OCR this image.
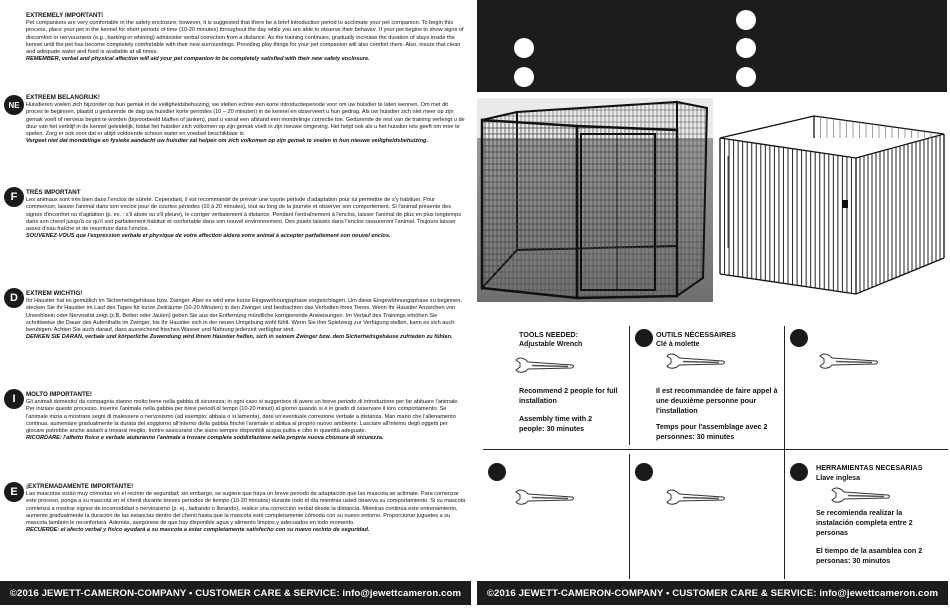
EXTREMELY IMPORTANT!

Pet companions are very comfortable in the safety enclosure; however, it is suggested that there be a brief introduction period to acclimate your pet companion. To begin this process, place your pet in the kennel for short periods of time (10-20 minutes) throughout the day while you are able to observe their behavior. If your pet begins to show signs of discomfort or nervousness (e.g., barking or whining) administer verbal correction from a distance. As the training continues, gradually increase the duration of stays inside the kennel until the pet has become completely comfortable with their new surroundings. Providing play things for your pet companion will also comfort them. Also, insure that clean and adequate water and food is available at all times.

REMEMBER, verbal and physical affection will aid your pet companion to be completely satisfied with their new safety enclosure.

NE

EXTREEM BELANGRIJK!

Huisdieren voelen zich bijzonder op hun gemak in de veiligheidsbehuizing, we stellen echter een korte introductieperiode voor om uw huisdier te laten wennen. Om met dit proces te beginnen, plaatst u gedurende de dag uw huisdier korte periodes (10 – 20 minuten) in de kennel en observeert u hun gedrag. Als uw huisdier zich niet meer op zijn gemak voelt of nerveus begint te worden (bijvoorbeeld blaffen of janken), past u vanaf een afstand een mondelinge correctie toe. Gedurende de rest van de training verlengt u de duur van het verblijf in de kennel geleidelijk, totdat het huisdier zich volkomen op zijn gemak voelt in zijn nieuwe omgeving. Het helpt ook als u het huisdier iets geeft om mee te spelen. Zorg er ook voor dat er altijd voldoende schoon water en voedsel beschikbaar is.

Vergeet niet dat mondelinge en fysieke aandacht uw huisdier zal helpen om zich volkomen op zijn gemak te voelen in hun nieuwe veiligheidsbehuizing.

F	TRÈS IMPORTANT

Les animaux sont très bien dans l'enclos de sûreté. Cependant, il est recommandé de prévoir une courte période d'adaptation pour lui permettre de s'y habituer. Pour commencer, laisser l'animal dans son enclos pour de courtes périodes (10 à 20 minutes), tout au long de la journée et observer son comportement. Si l'animal présente des signes d'inconfort ou d'agitation (p. ex. : s'il aboie ou s'il pleure), le corriger verbalement à distance. Pendant l'entraînement à l'enclos, laisser l'animal de plus en plus longtemps dans son chenil jusqu'à ce qu'il soit parfaitement habitué et confortable dans son nouvel environnement. Des jouets laissés dans l'enclos rassureront l'animal. Toujours laisser assez d'eau fraîche et de nourriture dans l'enclos.

SOUVENEZ-VOUS que l'expression verbale et physique de votre affection aidera votre animal à accepter parfaitement son nouvel enclos.

D	EXTREM WICHTIG!

Ihr Haustier hat es gemütlich im Sicherheitsgehäuse bzw. Zwinger. Aber es wird eine kurze Eingewöhnungsphase vorgeschlagen. Um diese Eingewöhnungsphase zu beginnen, stecken Sie ihr Haustier im Lauf des Tages für kurze Zeiträume (10-20 Minuten) in den Zwinger und beobachten das Verhalten ihres Tieres. Wenn Ihr Haustier Anzeichen von Unwohlsein oder Nervosität zeigt (z.B. Bellen oder Jaulen) geben Sie aus der Entfernung mündliche korrigierende Anweisungen. Im Verlauf des Trainings erhöhen Sie schrittweise die Dauer des Aufenthalts im Zwinger, bis Ihr Haustier sich in der neuen Umgebung wohl fühlt. Wenn Sie ihm Spielzeug zur Verfügung stellen, kann es sich auch beruhigen. Achten Sie auch darauf, dass ausreichend frisches Wasser und Nahrung jederzeit verfügbar sind.

DENKEN SIE DARAN, verbale und körperliche Zuwendung wird Ihrem Haustier helfen, sich in seinem Zwinger bzw. dem Sicherheitsgehäuse zufrieden zu fühlen.

I	MOLTO IMPORTANTE!

Gli animali domestici da compagnia stanno molto bene nella gabbia di sicurezza; in ogni caso si suggerisce di avere un breve periodo di introduzione per far abituare l'animale. Per iniziare questo processo, inserire l'animale nella gabbia per brevi periodi di tempo (10-20 minuti) al giorno quando si è in grado di osservare il loro comportamento. Se l'animale inizia a mostrare segni di malessere o nervosismo (ad esempio: abbaia o si lamenta), dare un'eventuale correzione verbale a distanza. Man mano che l'allenamento continua, aumentare gradualmente la durata del soggiorno all'interno della gabbia finché l'animale si abitua al proprio nuovo ambiente. Lasciare all'interno degli oggetti per giocare potrebbe anche aiutarli a trovarsi meglio. Inoltre assicurarsi che siano sempre disponibili acqua pulita e cibo in quantità adeguate.

RICORDARE: l'affetto fisico e verbale aiuteranno l'animale a trovare completa soddisfazione nella propria nuova chiusura di sicurezza.

E	¡EXTREMADAMENTE IMPORTANTE!

Las mascotas están muy cómodas en el recinto de seguridad; sin embargo, se sugiere que haya un breve periodo de adaptación que las mascota se aclimate. Para comenzar este proceso, ponga a su mascota en el chenil durante breves periodos de tiempo (10-20 minutos) durante todo el día mientras usted observa su comportamiento. Si su mascota comienza a mostrar signos de incomodidad o nerviosismo (p. ej., ladrando o llorando), realice una corrección verbal desde la distancia. Mientras continúa este entrenamiento, aumente gradualmente la duración de las estancias dentro del chenil hasta que la mascota esté completamente cómoda con su nuevo entorno. Proporcionar juguetes a su mascota también le reconfortará. Además, asegúrese de que hay disponible agua y alimento limpios y adecuados en todo momento.

RECUERDE: el afecto verbal y físico ayudará a su mascota a estar completamente satisfecho con su nuevo recinto de seguridad.

©2016 JEWETT-CAMERON-COMPANY • CUSTOMER CARE & SERVICE: info@jewettcameron.com
TOOLS NEEDED:
Adjustable Wrench
Recommend 2 people for full installation
Assembly time with 2 people: 30 minutes
OUTILS NÉCESSAIRES
Clé à molette
Il est recommandée de faire appel à une deuxième personne pour l'installation
Temps pour l'assemblage avec 2 personnes: 30 minutes
HERRAMIENTAS NECESARIAS
Llave inglesa
Se recomienda realizar la instalación completa entre 2 personas
El tiempo de la asamblea con 2 personas: 30 minutos
©2016 JEWETT-CAMERON-COMPANY • CUSTOMER CARE & SERVICE: info@jewettcameron.com
